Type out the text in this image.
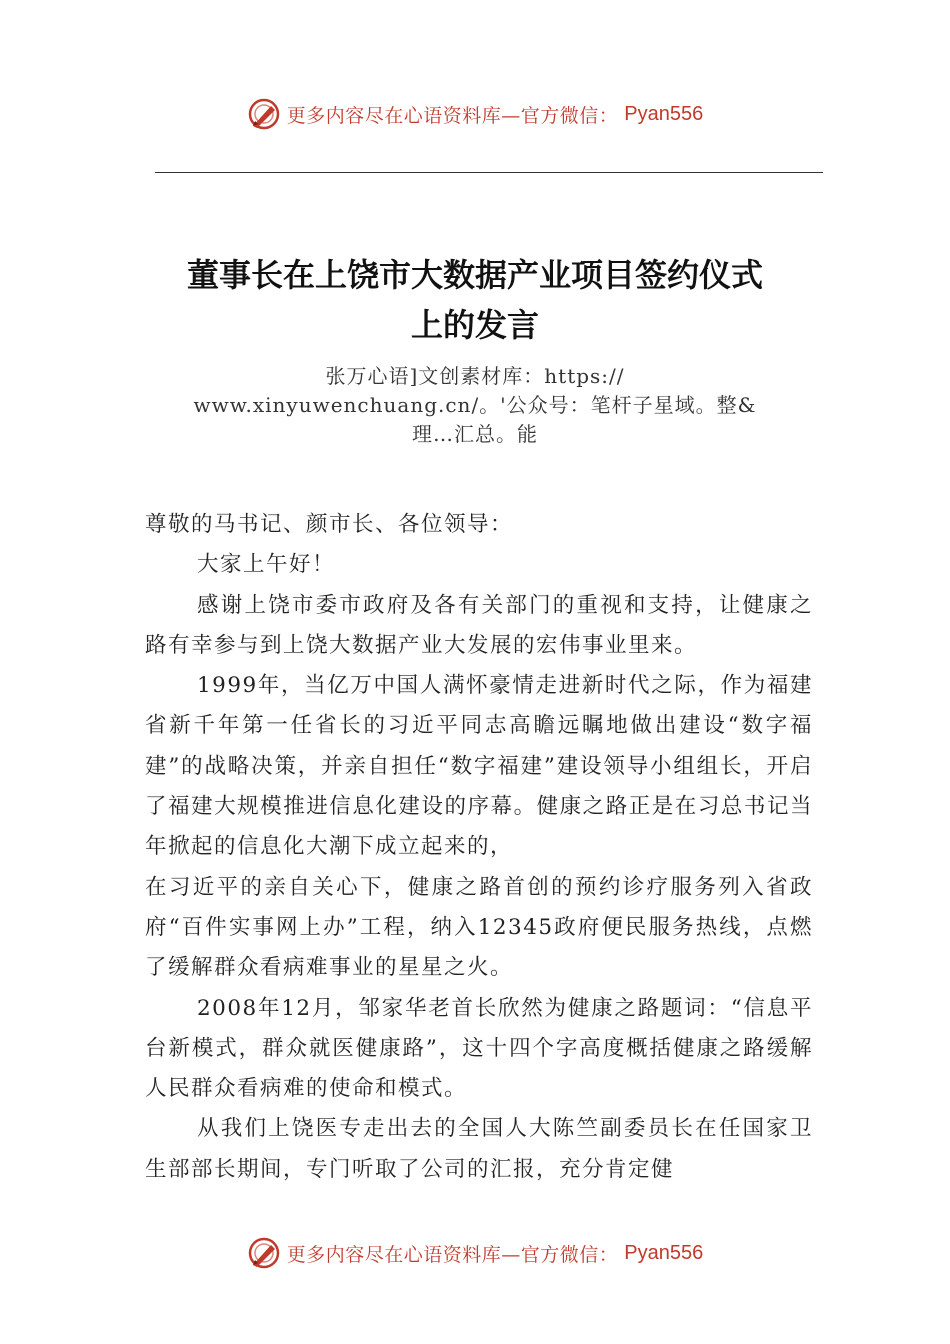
更多内容尽在心语资料库—官方微信： Pyan556
董事长在上饶市大数据产业项目签约仪式
上的发言
张万心语]文创素材库：https://
www.xinyuwenchuang.cn/。'公众号：笔杆子星域。整&
理…汇总。能

尊敬的马书记、颜市长、各位领导：

大家上午好！

感谢上饶市委市政府及各有关部门的重视和支持，让健康之路有幸参与到上饶大数据产业大发展的宏伟事业里来。

1999年，当亿万中国人满怀豪情走进新时代之际，作为福建省新千年第一任省长的习近平同志高瞻远瞩地做出建设“数字福建”的战略决策，并亲自担任“数字福建”建设领导小组组长，开启了福建大规模推进信息化建设的序幕。健康之路正是在习总书记当年掀起的信息化大潮下成立起来的，

在习近平的亲自关心下，健康之路首创的预约诊疗服务列入省政府“百件实事网上办”工程，纳入12345政府便民服务热线，点燃了缓解群众看病难事业的星星之火。

2008年12月，邹家华老首长欣然为健康之路题词：“信息平台新模式，群众就医健康路”，这十四个字高度概括健康之路缓解人民群众看病难的使命和模式。

从我们上饶医专走出去的全国人大陈竺副委员长在任国家卫生部部长期间，专门听取了公司的汇报，充分肯定健

更多内容尽在心语资料库—官方微信： Pyan556
